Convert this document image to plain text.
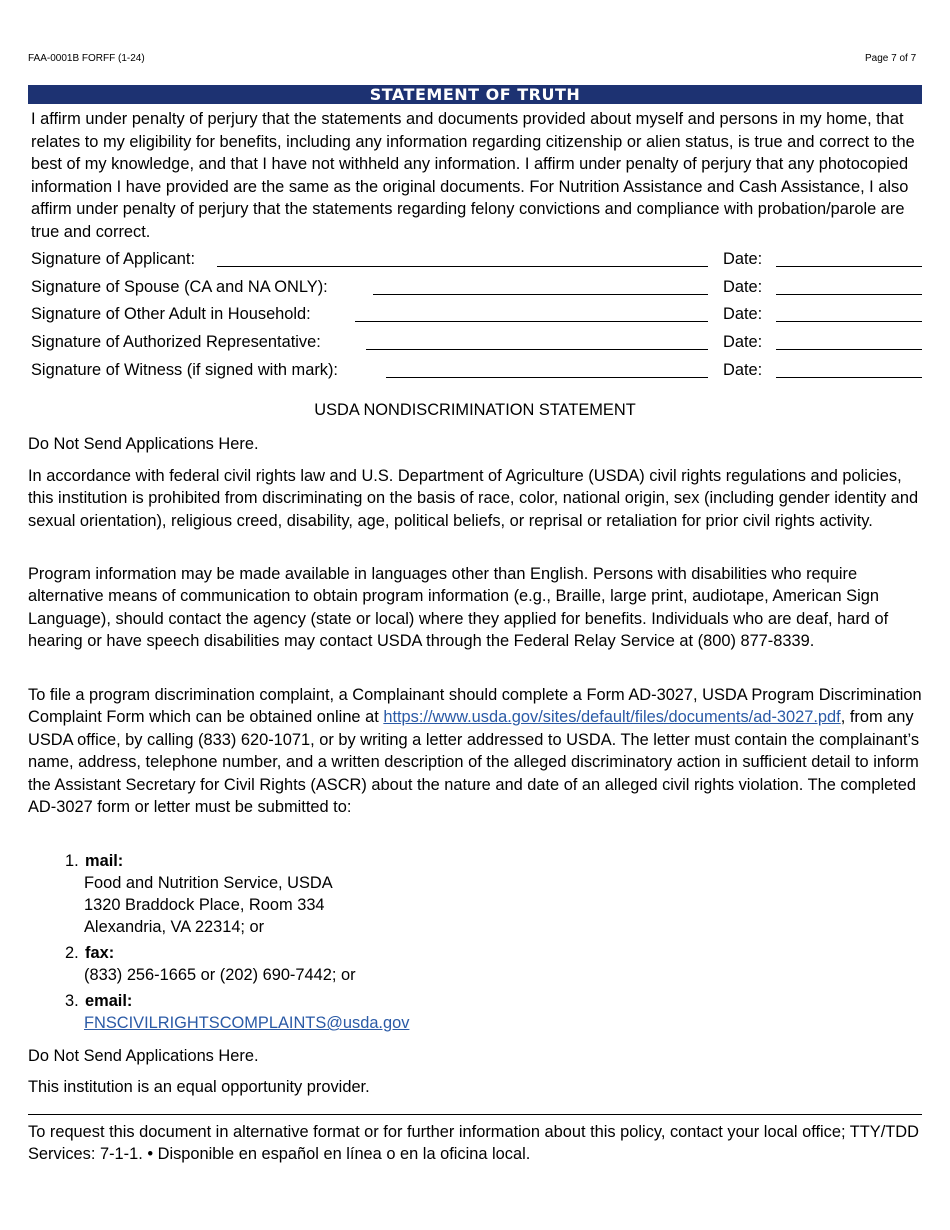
FAA-0001B FORFF (1-24)	Page 7 of 7
STATEMENT OF TRUTH

I affirm under penalty of perjury that the statements and documents provided about myself and persons in my home, that relates to my eligibility for benefits, including any information regarding citizenship or alien status, is true and correct to the best of my knowledge, and that I have not withheld any information. I affirm under penalty of perjury that any photocopied information I have provided are the same as the original documents. For Nutrition Assistance and Cash Assistance, I also affirm under penalty of perjury that the statements regarding felony convictions and compliance with probation/parole are true and correct.

Signature of Applicant:	Date:
Signature of Spouse (CA and NA ONLY):	Date:
Signature of Other Adult in Household:	Date:
Signature of Authorized Representative:	Date:
Signature of Witness (if signed with mark):	Date:
USDA NONDISCRIMINATION STATEMENT

Do Not Send Applications Here.

In accordance with federal civil rights law and U.S. Department of Agriculture (USDA) civil rights regulations and policies, this institution is prohibited from discriminating on the basis of race, color, national origin, sex (including gender identity and sexual orientation), religious creed, disability, age, political beliefs, or reprisal or retaliation for prior civil rights activity.

Program information may be made available in languages other than English. Persons with disabilities who require alternative means of communication to obtain program information (e.g., Braille, large print, audiotape, American Sign Language), should contact the agency (state or local) where they applied for benefits. Individuals who are deaf, hard of hearing or have speech disabilities may contact USDA through the Federal Relay Service at (800) 877-8339.

To file a program discrimination complaint, a Complainant should complete a Form AD-3027, USDA Program Discrimination Complaint Form which can be obtained online at https://www.usda.gov/sites/default/files/documents/ad-3027.pdf, from any USDA office, by calling (833) 620-1071, or by writing a letter addressed to USDA. The letter must contain the complainant’s name, address, telephone number, and a written description of the alleged discriminatory action in sufficient detail to inform the Assistant Secretary for Civil Rights (ASCR) about the nature and date of an alleged civil rights violation. The completed AD-3027 form or letter must be submitted to:

1. mail:
Food and Nutrition Service, USDA
1320 Braddock Place, Room 334
Alexandria, VA 22314; or
2. fax:
(833) 256-1665 or (202) 690-7442; or
3. email:
FNSCIVILRIGHTSCOMPLAINTS@usda.gov

Do Not Send Applications Here.

This institution is an equal opportunity provider.

To request this document in alternative format or for further information about this policy, contact your local office; TTY/TDD Services: 7-1-1. • Disponible en español en línea o en la oficina local.
